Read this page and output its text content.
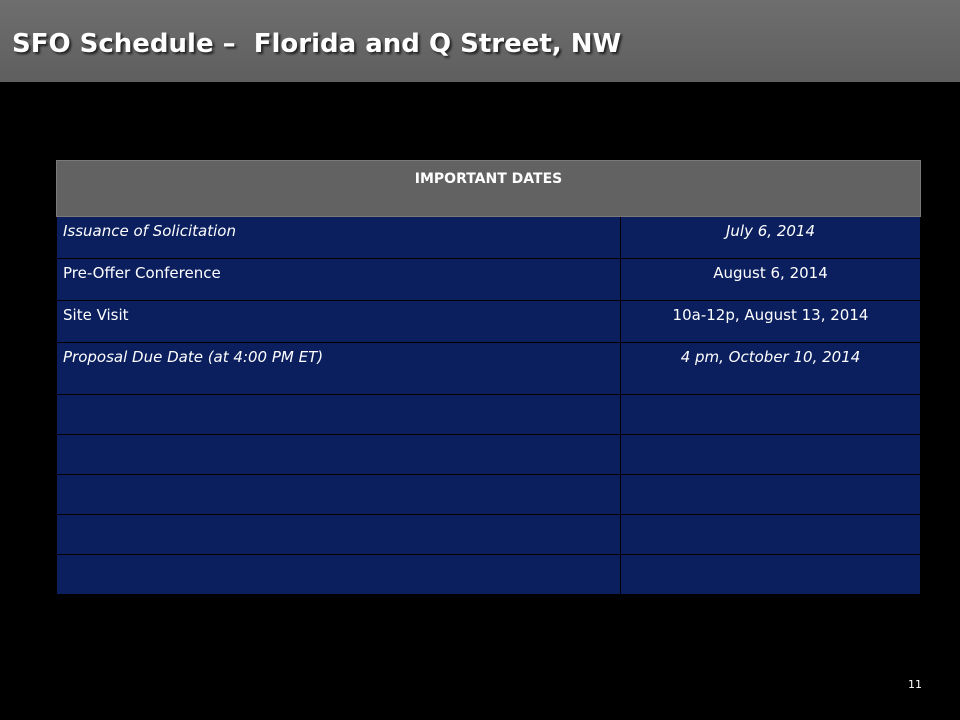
SFO Schedule –  Florida and Q Street, NW
IMPORTANT DATES	
Issuance of Solicitation	July 6, 2014
Pre-Offer Conference	August 6, 2014
Site Visit	10a-12p, August 13, 2014
Proposal Due Date (at 4:00 PM ET)	4 pm, October 10, 2014

11
